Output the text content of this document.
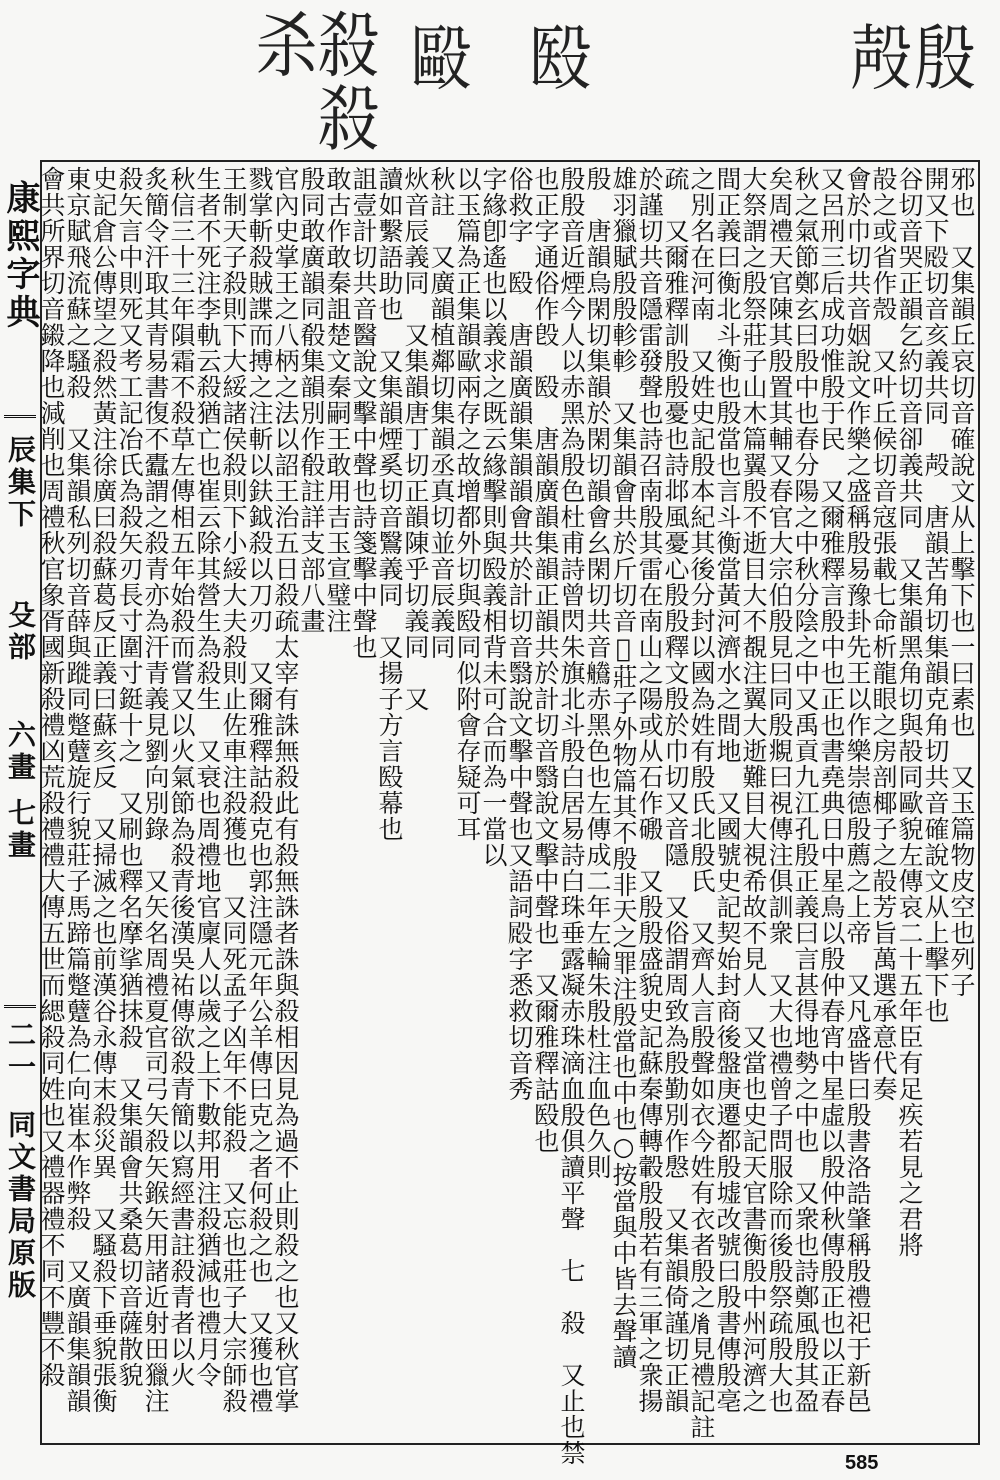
殺殺杀	毆 殹	殸殷
康熙字典
辰集下
殳部
六畫 七畫
二一
同文書局原版
邪也　又集韻丘哀切音確說文从上擊下也一曰素也　又玉篇物皮空也列子
開又下𣪍切音亥義共同　殸　唐韻苦角切集韻克角切共音確說文从上擊下也
谷切音哭正韻乞約切音卻義共同　又集韻黑角切與㱿同歐貌左傳哀二十五年臣有足疾若見之君將
㱿之或省作殼　又叶丘候切音寇張載七命析龍眼之房剖椰子之㱿芳旨萬選承意代奏
會於巾切共音姻說文作樂之盛稱殷易豫卦先王以作樂崇德殷薦之上帝　又凡盛皆曰殷書洛誥肇稱殷禮祀于新邑
又呂刑三后成功惟殷于民　又爾雅釋言殷中也正也書堯典日中星鳥以殷仲春宵中星虛以殷仲秋傳殷正也以正春
秋之氣節鄭玄曰殷中也春分陽之中秋分陰之中又禹貢九江孔殷正義曰言甚得地勢之中也　又衆也詩鄭風殷其盈
矣周禮天官陳其殷置其輔又春官大宗伯殷見曰同殷覜曰視傳注俱訓衆　又大也禮曾子問服除而後殷祭疏殷大也
大祭謂之殷祭莊子山木篇翼殷不逝目大不覩注翼大逝難目大視希故不見人　又當也史記天官書衡殷中州河濟之
間正義曰衡北斗衡也殷當也言斗衡當黃河濟水之間地　又國號史記契始封商後盤庚遷都殷墟改號曰殷書傳殷亳
之別名在河南　又姓史記殷本紀其後分封以國為姓有殷氏北殷氏　又齊人言殷聲如衣今姓有衣者殷之𦙍見禮記註
疏　又爾雅釋訓殷殷憂也詩邶風憂心殷殷釋文殷於巾切又音隱　又俗謂周致為殷勤別作慇　又集韻倚謹切正韻
於謹切共音隱雷發聲也詩召南殷其雷在南山之陽或从石作磤　又殷殷盛貌史記蘇秦傳轉轂殷殷若有三軍之衆揚
雄羽獵賦殷殷軫軫　又集韻會共於斤切音𥚁莊子外物篇其不殷非天之罪注殷當也中也○按當與中皆去聲讀
殷　唐韻烏閑切集韻於閑切韻會幺閑切共音𪅻赤黑色也左傳成二年左輪朱殷杜注血色久則
殷殷音近煙今人以赤黑為殷色杜甫詩曾閃朱旗北斗殷白居易詩白珠垂露凝赤珠滴血殷俱讀平聲　七　殺　又止也禁
也正字通俗作𣪘　殹　唐韻廣韻集韻正韻共於計切音翳說文擊中聲也　又爾雅釋詁殹也
俗救字　殹　唐韻廣韻集韻韻會共於計切音翳說文擊中聲也又語詞𣪍字悉救切音秀
字緣卽遙也以義求之既云緣擊則與殹義相背未可合而為一當以
以玉篇為正集韻歐兩存之故增都外切與殹同似附會存疑可耳
秋註　又廣韻植鄰切集韻丞真切並音辰義同
炏音辰義同　又集韻唐丁切正韻陳乎切義同　又
讀如繫語助也　又集韻煙奚切音鷖義同　又揚子方言殹幕也
詛壹計切共音醫說文擊中聲也詩箋擊中聲也
敢古作敢秦詛楚文秦嗣王敢用吉玉宣璧注
殷同敢廣韻同殽集韻別作殽註詳支部八畫
官內史掌王之八柄之法以詔王治五日殺疏太宰有誅無殺此有殺無誅者誅與殺相因見為過不止則殺之也又秋官掌
戮掌斬殺賊諜而搏之注斬以鈇鉞殺以刀刃　又爾雅釋詁殺克也郭注隱元年公羊傳曰克之者何殺之也　又獲也禮
王制天子殺則下大綏諸侯殺則下小綏大夫殺則止佐車注殺獲也　又同死孟子凶年不能殺　又忘也莊子大宗師殺
生者不死注李軌云殺猶亡也崔云除其營生為殺生　又衰也周禮地官廩人以歲之上下數邦用注殺猶減也禮月令
秋信三十三年隕霜不殺草左傳相五年始殺而嘗又以火氣節為殺青後漢吳祐傳欲殺青簡以寫經書註殺青者以火
炙簡令汗取其青易書復不蠹謂之殺青亦為汗青義見劉向別錄　又矢名周禮夏官司弓矢殺矢鍭矢用諸近射田獵注
殺矢言中則死又考工記冶氏為殺矢刃長寸圍寸鋌十之　又刷也釋名摩挲猶抹殺　又集韻會共桑葛切音薩散貌
史記倉公傳望之殺然黃注徐廣曰殺蘇葛反正義曰蘇亥反　又掃滅之也前漢谷永傳末殺災異　又騷殺下垂貌張衡
東京賦飛流蘇之騷殺　又集韻私列切音薛與蹝同蹩躠旋行貌莊子馬蹄篇蹩躠為仁向崔本作弊殺　又廣韻集韻韻
會共所界切音鎩降也減削也周禮秋官象胥國新殺禮凶荒殺禮禮大傳五世而緦殺同姓也又禮器禮不同不豐不殺
585
